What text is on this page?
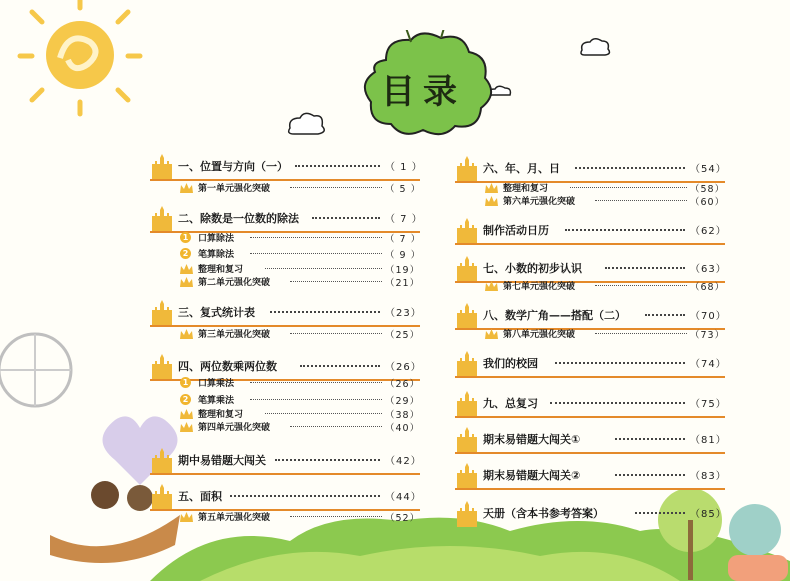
目录
一、位置与方向（一）	（ 1 ）
第一单元强化突破	（ 5 ）
二、除数是一位数的除法	（ 7 ）
1	口算除法	（ 7 ）
2	笔算除法	（ 9 ）
整理和复习	（19）
第二单元强化突破	（21）
三、复式统计表	（23）
第三单元强化突破	（25）
四、两位数乘两位数	（26）
1	口算乘法	（26）
2	笔算乘法	（29）
整理和复习	（38）
第四单元强化突破	（40）
期中易错题大闯关	（42）
五、面积	（44）
第五单元强化突破	（52）
六、年、月、日	（54）
整理和复习	（58）
第六单元强化突破	（60）
制作活动日历	（62）
七、小数的初步认识	（63）
第七单元强化突破	（68）
八、数学广角——搭配（二）	（70）
第八单元强化突破	（73）
我们的校园	（74）
九、总复习	（75）
期末易错题大闯关①	（81）
期末易错题大闯关②	（83）
天册（含本书参考答案）	（85）
